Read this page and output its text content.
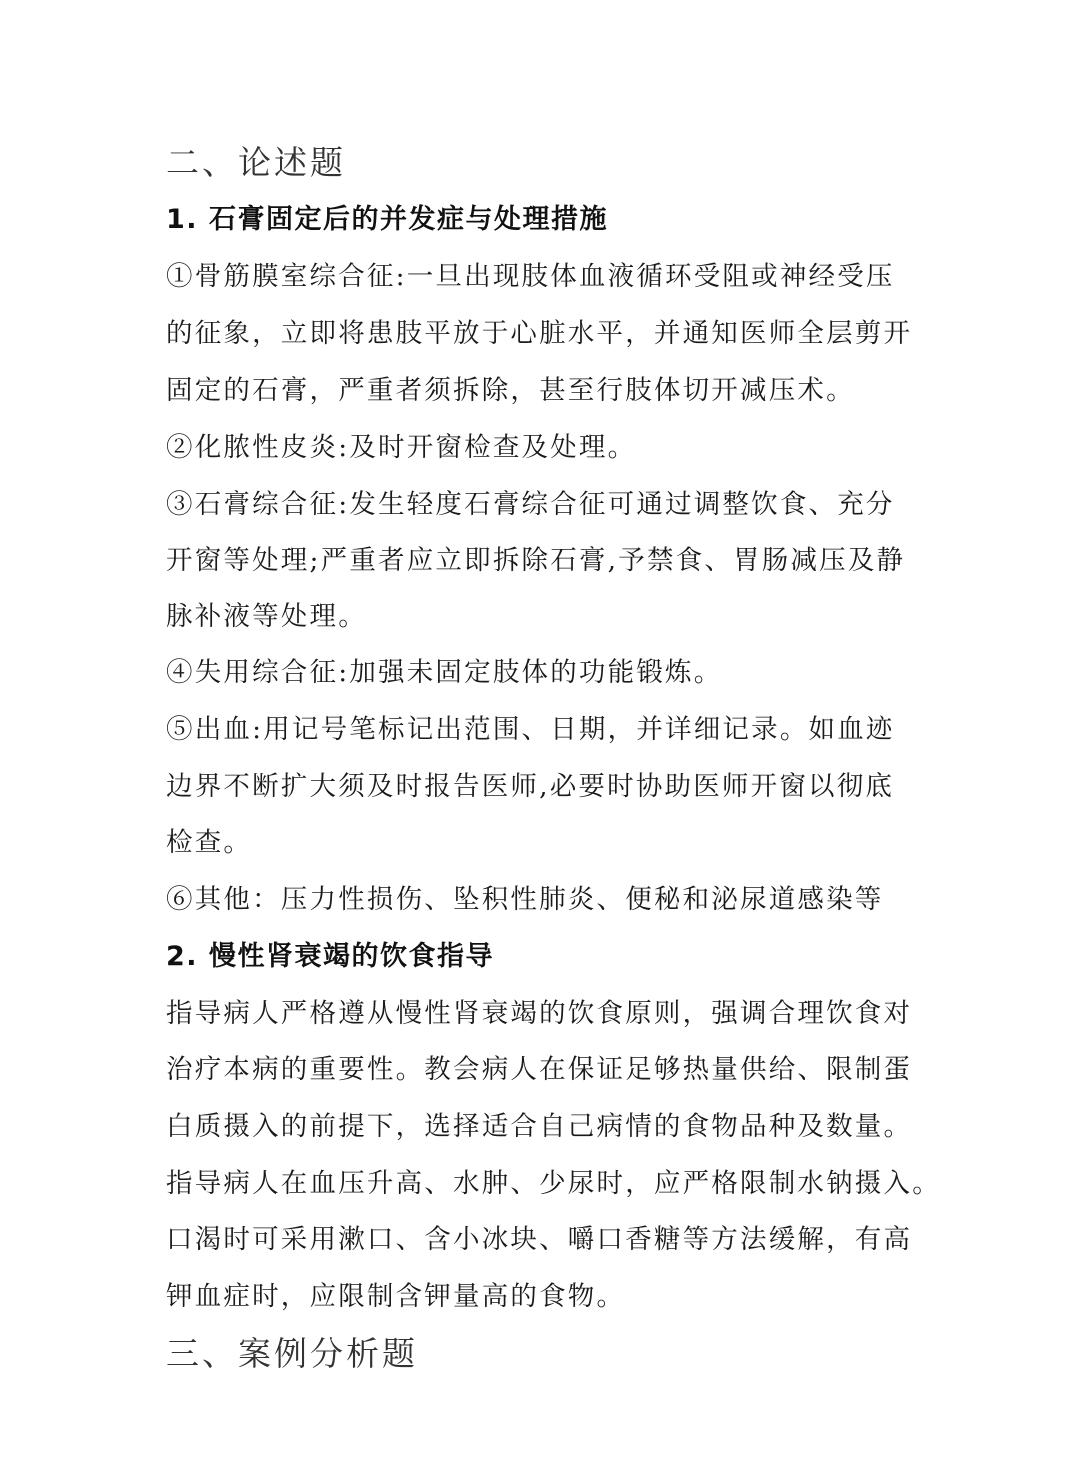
二、论述题
1. 石膏固定后的并发症与处理措施

①骨筋膜室综合征:一旦出现肢体血液循环受阻或神经受压

的征象，立即将患肢平放于心脏水平，并通知医师全层剪开

固定的石膏，严重者须拆除，甚至行肢体切开减压术。

②化脓性皮炎:及时开窗检查及处理。

③石膏综合征:发生轻度石膏综合征可通过调整饮食、充分

开窗等处理;严重者应立即拆除石膏,予禁食、胃肠减压及静

脉补液等处理。

④失用综合征:加强未固定肢体的功能锻炼。

⑤出血:用记号笔标记出范围、日期，并详细记录。如血迹

边界不断扩大须及时报告医师,必要时协助医师开窗以彻底

检查。

⑥其他：压力性损伤、坠积性肺炎、便秘和泌尿道感染等

2. 慢性肾衰竭的饮食指导

指导病人严格遵从慢性肾衰竭的饮食原则，强调合理饮食对

治疗本病的重要性。教会病人在保证足够热量供给、限制蛋

白质摄入的前提下，选择适合自己病情的食物品种及数量。

指导病人在血压升高、水肿、少尿时，应严格限制水钠摄入。

口渴时可采用漱口、含小冰块、嚼口香糖等方法缓解，有高

钾血症时，应限制含钾量高的食物。

三、案例分析题
